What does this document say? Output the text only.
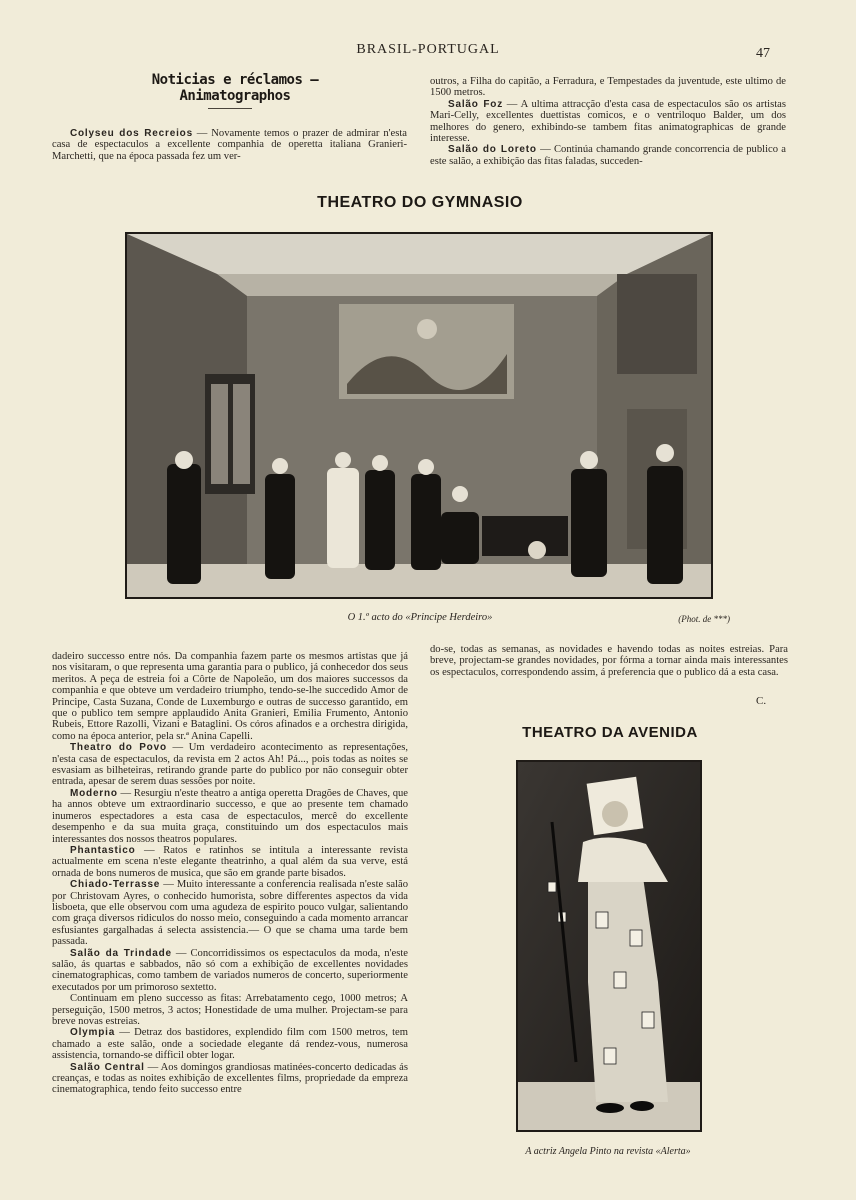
BRASIL-PORTUGAL	47
Noticias e réclamos — Animatographos

Colyseu dos Recreios — Novamente temos o prazer de admirar n'esta casa de espectaculos a excellente companhia de operetta italiana Granieri-Marchetti, que na época passada fez um ver-

outros, a Filha do capitão, a Ferradura, e Tempestades da juventude, este ultimo de 1500 metros.

Salão Foz — A ultima attracção d'esta casa de espectaculos são os artistas Mari-Celly, excellentes duettistas comicos, e o ventriloquo Balder, um dos melhores do genero, exhibindo-se tambem fitas animatographicas de grande interesse.

Salão do Loreto — Continúa chamando grande concorrencia de publico a este salão, a exhibição das fitas faladas, succeden-

THEATRO DO GYMNASIO
O 1.º acto do «Principe Herdeiro»	(Phot. de ***)

dadeiro successo entre nós. Da companhia fazem parte os mesmos artistas que já nos visitaram, o que representa uma garantia para o publico, já conhecedor dos seus meritos. A peça de estreia foi a Côrte de Napoleão, um dos maiores successos da companhia e que obteve um verdadeiro triumpho, tendo-se-lhe succedido Amor de Principe, Casta Suzana, Conde de Luxemburgo e outras de successo garantido, em que o publico tem sempre applaudido Anita Granieri, Emilia Frumento, Antonio Rubeis, Ettore Razolli, Vizani e Bataglini. Os córos afinados e a orchestra dirigida, como na época anterior, pela sr.ª Anina Capelli.

Theatro do Povo — Um verdadeiro acontecimento as representações, n'esta casa de espectaculos, da revista em 2 actos Ah! Pá..., pois todas as noites se esvasiam as bilheteiras, retirando grande parte do publico por não conseguir obter entrada, apesar de serem duas sessões por noite.

Moderno — Resurgiu n'este theatro a antiga operetta Dragões de Chaves, que ha annos obteve um extraordinario successo, e que ao presente tem chamado inumeros espectadores a esta casa de espectaculos, mercê do excellente desempenho e da sua muita graça, constituindo um dos espectaculos mais interessantes dos nossos theatros populares.

Phantastico — Ratos e ratinhos se intitula a interessante revista actualmente em scena n'este elegante theatrinho, a qual além da sua verve, está ornada de bons numeros de musica, que são em grande parte bisados.

Chiado-Terrasse — Muito interessante a conferencia realisada n'este salão por Christovam Ayres, o conhecido humorista, sobre differentes aspectos da vida lisboeta, que elle observou com uma agudeza de espirito pouco vulgar, salientando com graça diversos ridiculos do nosso meio, conseguindo a cada momento arrancar esfusiantes gargalhadas á selecta assistencia.— O que se chama uma tarde bem passada.

Salão da Trindade — Concorridissimos os espectaculos da moda, n'este salão, ás quartas e sabbados, não só com a exhibição de excellentes novidades cinematographicas, como tambem de variados numeros de concerto, superiormente executados por um primoroso sextetto.

Continuam em pleno successo as fitas: Arrebatamento cego, 1000 metros; A perseguição, 1500 metros, 3 actos; Honestidade de uma mulher. Projectam-se para breve novas estreias.

Olympia — Detraz dos bastidores, explendido film com 1500 metros, tem chamado a este salão, onde a sociedade elegante dá rendez-vous, numerosa assistencia, tornando-se difficil obter logar.

Salão Central — Aos domingos grandiosas matinées-concerto dedicadas ás creanças, e todas as noites exhibição de excellentes films, propriedade da empreza cinematographica, tendo feito successo entre

do-se, todas as semanas, as novidades e havendo todas as noites estreias. Para breve, projectam-se grandes novidades, por fórma a tornar ainda mais interessantes os espectaculos, correspondendo assim, á preferencia que o publico dá a esta casa.

C.
THEATRO DA AVENIDA
A actriz Angela Pinto na revista «Alerta»
